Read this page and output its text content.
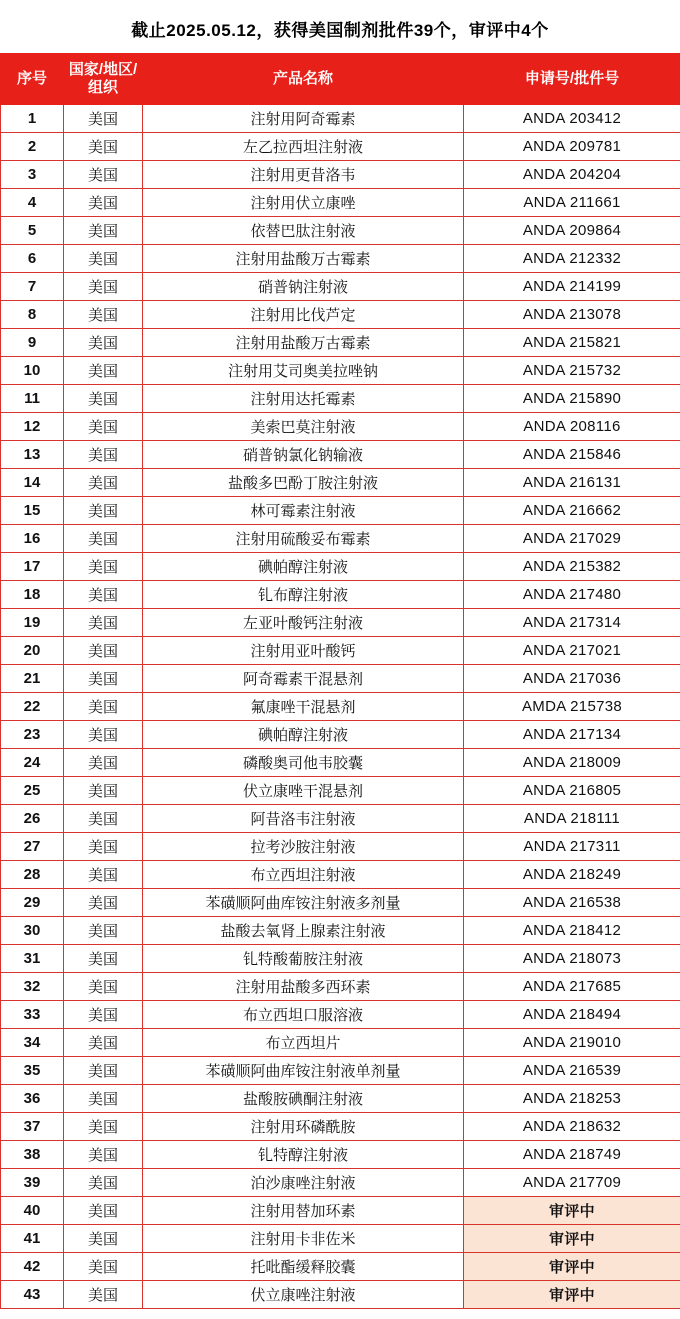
截止2025.05.12，获得美国制剂批件39个，审评中4个
序号	国家/地区/组织	产品名称	申请号/批件号
1	美国	注射用阿奇霉素	ANDA 203412
2	美国	左乙拉西坦注射液	ANDA 209781
3	美国	注射用更昔洛韦	ANDA 204204
4	美国	注射用伏立康唑	ANDA 211661
5	美国	依替巴肽注射液	ANDA 209864
6	美国	注射用盐酸万古霉素	ANDA 212332
7	美国	硝普钠注射液	ANDA 214199
8	美国	注射用比伐芦定	ANDA 213078
9	美国	注射用盐酸万古霉素	ANDA 215821
10	美国	注射用艾司奥美拉唑钠	ANDA 215732
11	美国	注射用达托霉素	ANDA 215890
12	美国	美索巴莫注射液	ANDA 208116
13	美国	硝普钠氯化钠输液	ANDA 215846
14	美国	盐酸多巴酚丁胺注射液	ANDA 216131
15	美国	林可霉素注射液	ANDA 216662
16	美国	注射用硫酸妥布霉素	ANDA 217029
17	美国	碘帕醇注射液	ANDA 215382
18	美国	钆布醇注射液	ANDA 217480
19	美国	左亚叶酸钙注射液	ANDA 217314
20	美国	注射用亚叶酸钙	ANDA 217021
21	美国	阿奇霉素干混悬剂	ANDA 217036
22	美国	氟康唑干混悬剂	AMDA 215738
23	美国	碘帕醇注射液	ANDA 217134
24	美国	磷酸奥司他韦胶囊	ANDA 218009
25	美国	伏立康唑干混悬剂	ANDA 216805
26	美国	阿昔洛韦注射液	ANDA 218111
27	美国	拉考沙胺注射液	ANDA 217311
28	美国	布立西坦注射液	ANDA 218249
29	美国	苯磺顺阿曲库铵注射液多剂量	ANDA 216538
30	美国	盐酸去氧肾上腺素注射液	ANDA 218412
31	美国	钆特酸葡胺注射液	ANDA 218073
32	美国	注射用盐酸多西环素	ANDA 217685
33	美国	布立西坦口服溶液	ANDA 218494
34	美国	布立西坦片	ANDA 219010
35	美国	苯磺顺阿曲库铵注射液单剂量	ANDA 216539
36	美国	盐酸胺碘酮注射液	ANDA 218253
37	美国	注射用环磷酰胺	ANDA 218632
38	美国	钆特醇注射液	ANDA 218749
39	美国	泊沙康唑注射液	ANDA 217709
40	美国	注射用替加环素	审评中
41	美国	注射用卡非佐米	审评中
42	美国	托吡酯缓释胶囊	审评中
43	美国	伏立康唑注射液	审评中
